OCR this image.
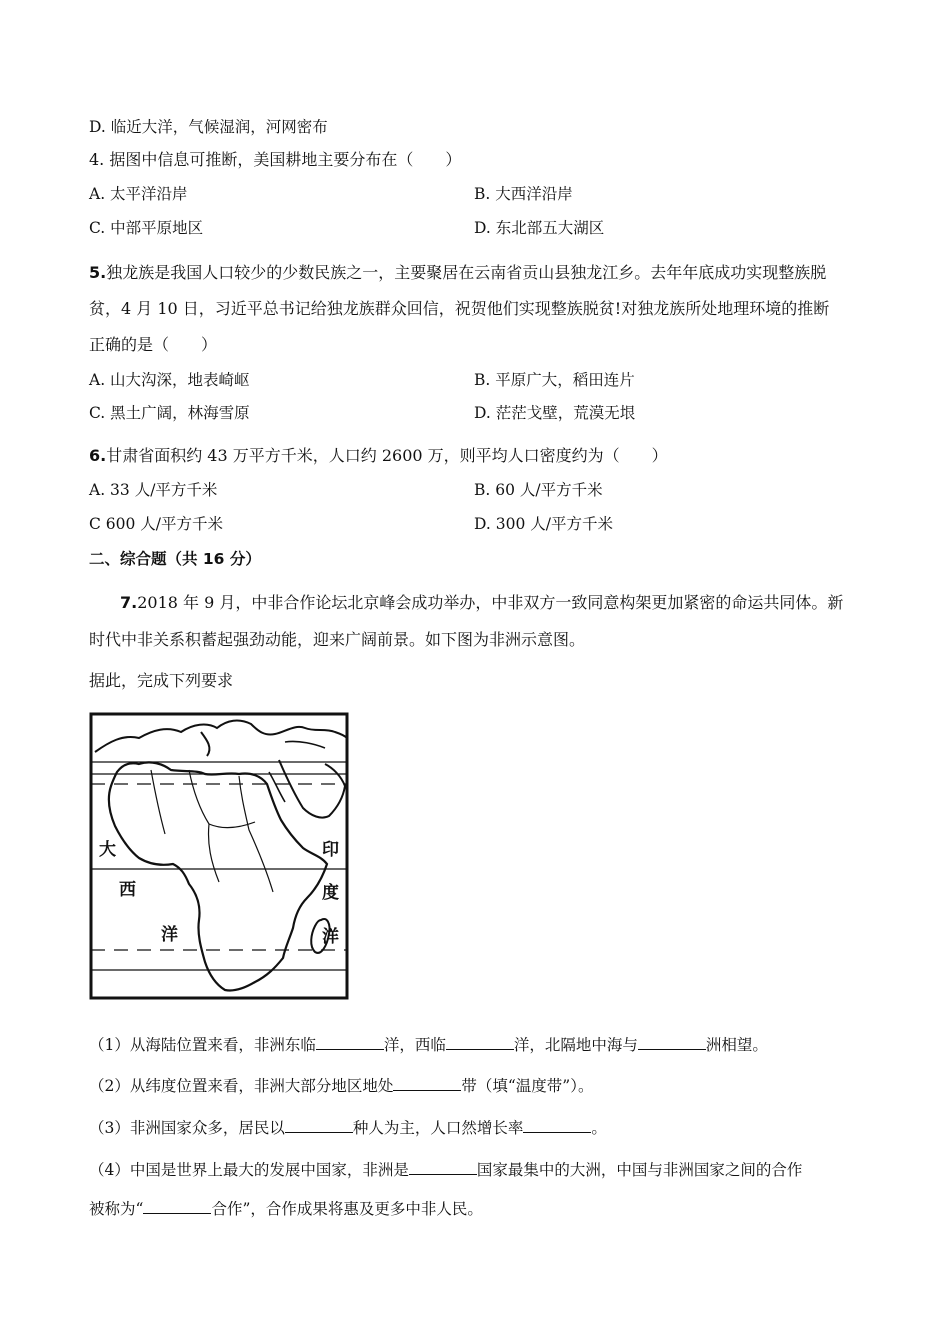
D. 临近大洋，气候湿润，河网密布
4. 据图中信息可推断，美国耕地主要分布在（　　）
A. 太平洋沿岸	B. 大西洋沿岸
C. 中部平原地区	D. 东北部五大湖区
5.独龙族是我国人口较少的少数民族之一，主要聚居在云南省贡山县独龙江乡。去年年底成功实现整族脱
贫，4 月 10 日，习近平总书记给独龙族群众回信，祝贺他们实现整族脱贫!对独龙族所处地理环境的推断
正确的是（　　）
A. 山大沟深，地表崎岖	B. 平原广大，稻田连片
C. 黑土广阔，林海雪原	D. 茫茫戈壁，荒漠无垠
6.甘肃省面积约 43 万平方千米，人口约 2600 万，则平均人口密度约为（　　）
A. 33 人/平方千米	B. 60 人/平方千米
C 600 人/平方千米	D. 300 人/平方千米
二、综合题（共 16 分）
7.2018 年 9 月，中非合作论坛北京峰会成功举办，中非双方一致同意构架更加紧密的命运共同体。新
时代中非关系积蓄起强劲动能，迎来广阔前景。如下图为非洲示意图。
据此，完成下列要求
大
西
洋
印
度
洋
（1）从海陆位置来看，非洲东临	洋，西临	洋，北隔地中海与	洲相望。
（2）从纬度位置来看，非洲大部分地区地处	带（填“温度带”）。
（3）非洲国家众多，居民以	种人为主，人口然增长率	。
（4）中国是世界上最大的发展中国家，非洲是	国家最集中的大洲，中国与非洲国家之间的合作
被称为“	合作”，合作成果将惠及更多中非人民。
